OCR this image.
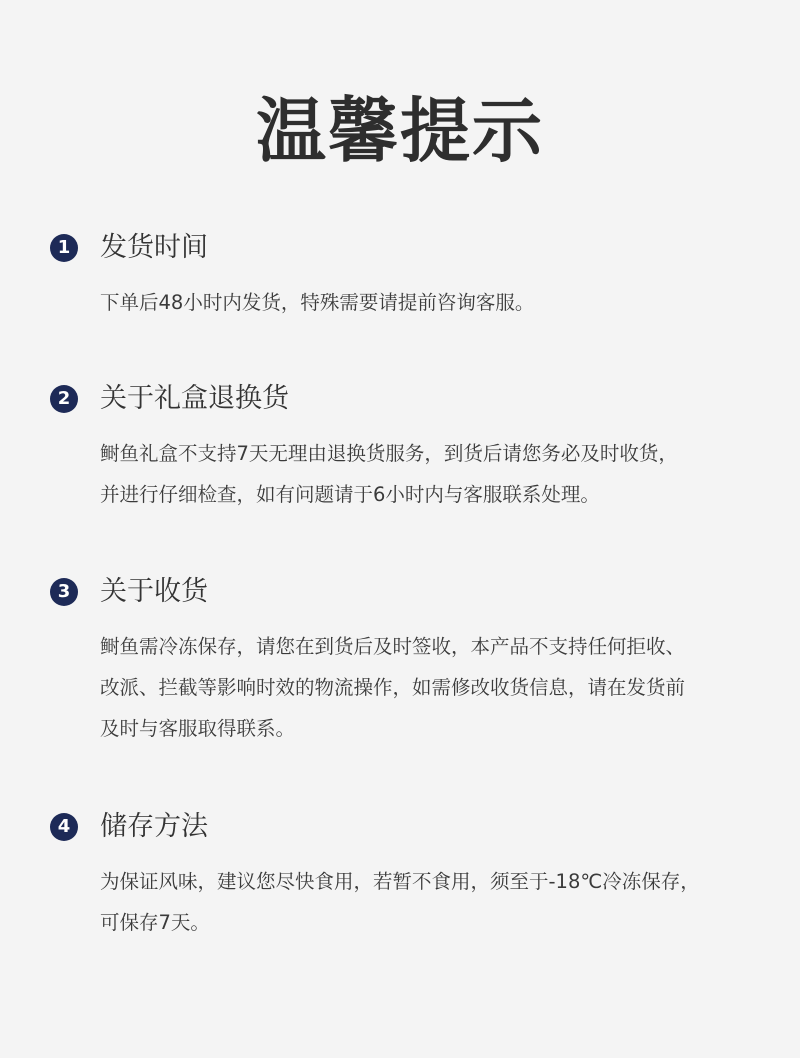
温馨提示
1 发货时间
下单后48小时内发货，特殊需要请提前咨询客服。
2 关于礼盒退换货
鲥鱼礼盒不支持7天无理由退换货服务，到货后请您务必及时收货，
并进行仔细检查，如有问题请于6小时内与客服联系处理。
3 关于收货
鲥鱼需冷冻保存，请您在到货后及时签收，本产品不支持任何拒收、
改派、拦截等影响时效的物流操作，如需修改收货信息，请在发货前
及时与客服取得联系。
4 储存方法
为保证风味，建议您尽快食用，若暂不食用，须至于-18℃冷冻保存，
可保存7天。
